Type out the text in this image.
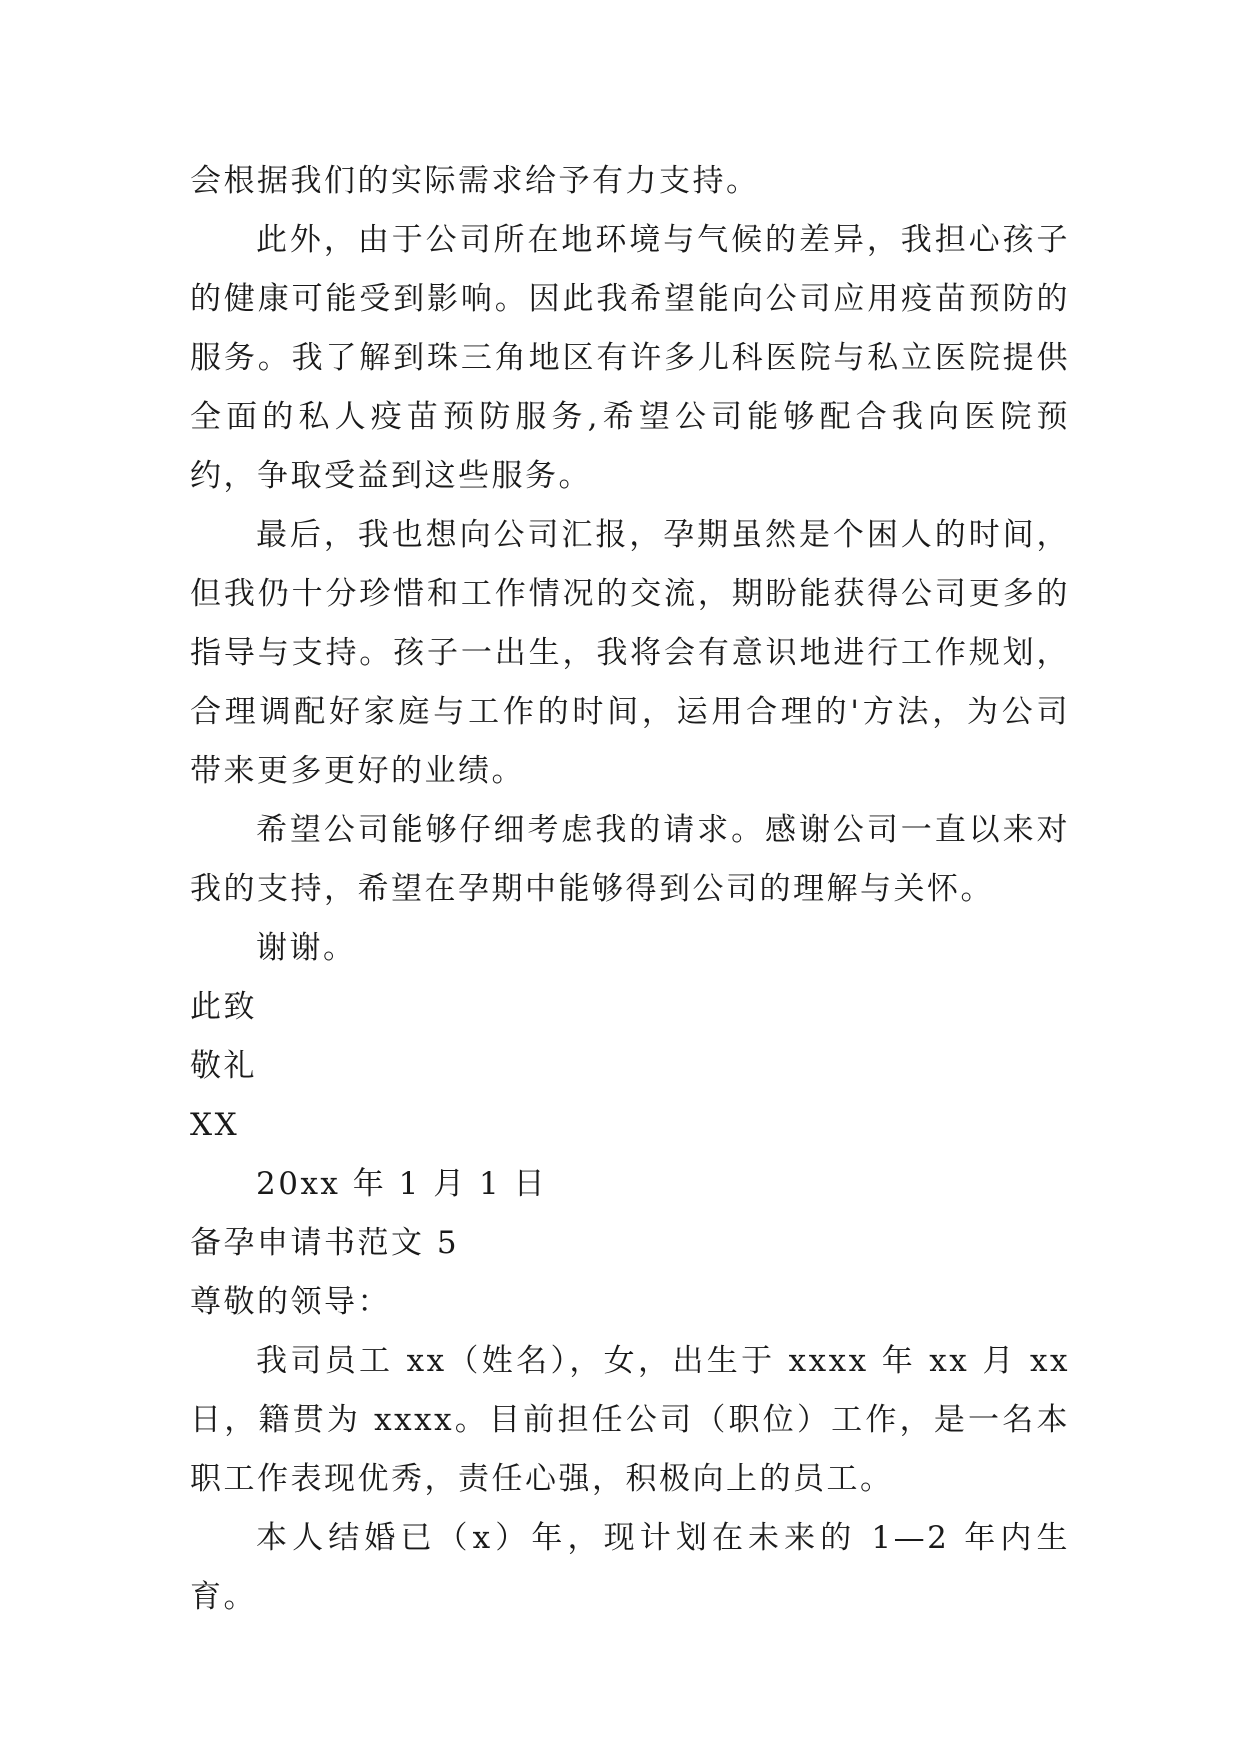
会根据我们的实际需求给予有力支持。

此外，由于公司所在地环境与气候的差异，我担心孩子的健康可能受到影响。因此我希望能向公司应用疫苗预防的服务。我了解到珠三角地区有许多儿科医院与私立医院提供全面的私人疫苗预防服务,希望公司能够配合我向医院预约，争取受益到这些服务。

最后，我也想向公司汇报，孕期虽然是个困人的时间，但我仍十分珍惜和工作情况的交流，期盼能获得公司更多的指导与支持。孩子一出生，我将会有意识地进行工作规划，合理调配好家庭与工作的时间，运用合理的'方法，为公司带来更多更好的业绩。

希望公司能够仔细考虑我的请求。感谢公司一直以来对我的支持，希望在孕期中能够得到公司的理解与关怀。

谢谢。

此致

敬礼

XX

20xx 年 1 月 1 日

备孕申请书范文 5

尊敬的领导：

我司员工 xx（姓名），女，出生于 xxxx 年 xx 月 xx 日，籍贯为 xxxx。目前担任公司（职位）工作，是一名本职工作表现优秀，责任心强，积极向上的员工。

本人结婚已（x）年，现计划在未来的 1—2 年内生育。
